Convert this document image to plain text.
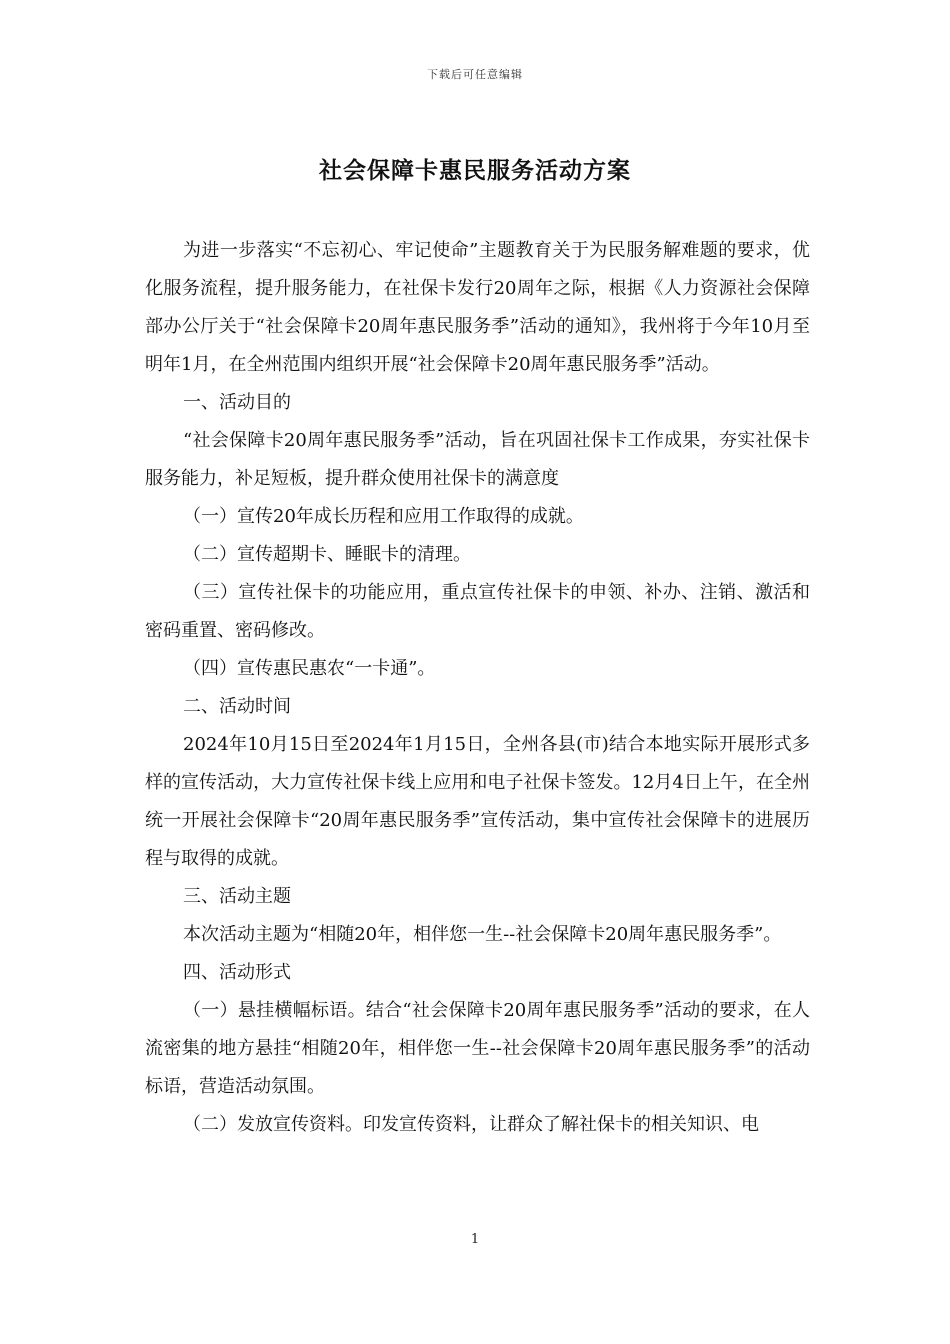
下载后可任意编辑
社会保障卡惠民服务活动方案

为进一步落实“不忘初心、牢记使命”主题教育关于为民服务解难题的要求，优化服务流程，提升服务能力，在社保卡发行20周年之际，根据《人力资源社会保障部办公厅关于“社会保障卡20周年惠民服务季”活动的通知》，我州将于今年10月至明年1月，在全州范围内组织开展“社会保障卡20周年惠民服务季”活动。

一、活动目的

“社会保障卡20周年惠民服务季”活动，旨在巩固社保卡工作成果，夯实社保卡服务能力，补足短板，提升群众使用社保卡的满意度

（一）宣传20年成长历程和应用工作取得的成就。

（二）宣传超期卡、睡眠卡的清理。

（三）宣传社保卡的功能应用，重点宣传社保卡的申领、补办、注销、激活和密码重置、密码修改。

（四）宣传惠民惠农“一卡通”。

二、活动时间

2024年10月15日至2024年1月15日，全州各县(市)结合本地实际开展形式多样的宣传活动，大力宣传社保卡线上应用和电子社保卡签发。12月4日上午，在全州统一开展社会保障卡“20周年惠民服务季”宣传活动，集中宣传社会保障卡的进展历程与取得的成就。

三、活动主题

本次活动主题为“相随20年，相伴您一生--社会保障卡20周年惠民服务季”。

四、活动形式

（一）悬挂横幅标语。结合“社会保障卡20周年惠民服务季”活动的要求，在人流密集的地方悬挂“相随20年，相伴您一生--社会保障卡20周年惠民服务季”的活动标语，营造活动氛围。

（二）发放宣传资料。印发宣传资料，让群众了解社保卡的相关知识、电

1
